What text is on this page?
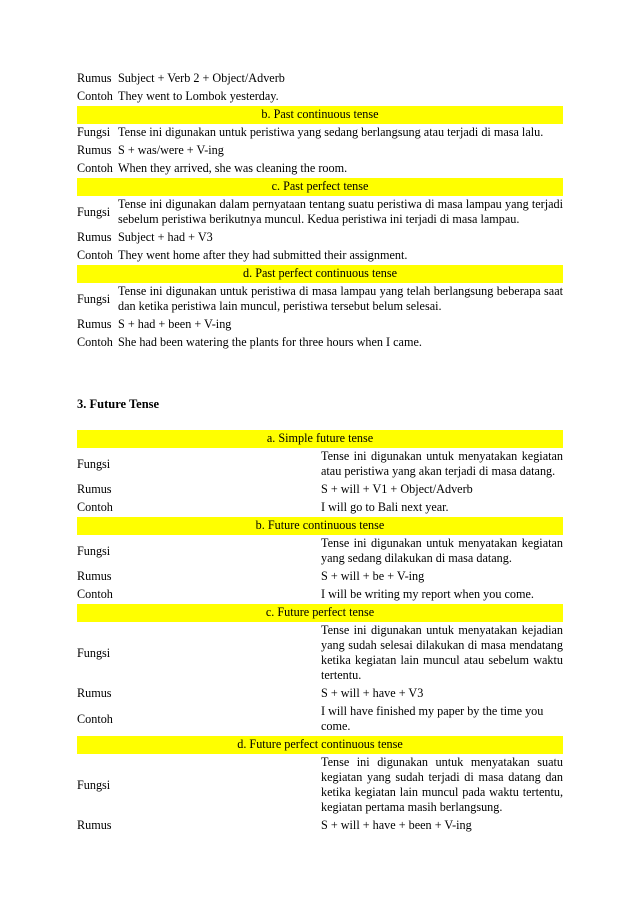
Rumus	Subject + Verb 2 + Object/Adverb
Contoh	They went to Lombok yesterday.
b. Past continuous tense	
Fungsi	Tense ini digunakan untuk peristiwa yang sedang berlangsung atau terjadi di masa lalu.
Rumus	S + was/were + V-ing
Contoh	When they arrived, she was cleaning the room.
c. Past perfect tense	
Fungsi	Tense ini digunakan dalam pernyataan tentang suatu peristiwa di masa lampau yang terjadi sebelum peristiwa berikutnya muncul. Kedua peristiwa ini terjadi di masa lampau.
Rumus	Subject + had + V3
Contoh	They went home after they had submitted their assignment.
d. Past perfect continuous tense	
Fungsi	Tense ini digunakan untuk peristiwa di masa lampau yang telah berlangsung beberapa saat dan ketika peristiwa lain muncul, peristiwa tersebut belum selesai.
Rumus	S + had + been + V-ing
Contoh	She had been watering the plants for three hours when I came.

3. Future Tense

a. Simple future tense	
Fungsi	Tense ini digunakan untuk menyatakan kegiatan atau peristiwa yang akan terjadi di masa datang.
Rumus	S + will + V1 + Object/Adverb
Contoh	I will go to Bali next year.
b. Future continuous tense	
Fungsi	Tense ini digunakan untuk menyatakan kegiatan yang sedang dilakukan di masa datang.
Rumus	S + will + be + V-ing
Contoh	I will be writing my report when you come.
c. Future perfect tense	
Fungsi	Tense ini digunakan untuk menyatakan kejadian yang sudah selesai dilakukan di masa mendatang ketika kegiatan lain muncul atau sebelum waktu tertentu.
Rumus	S + will + have + V3
Contoh	I will have finished my paper by the time you come.
d. Future perfect continuous tense	
Fungsi	Tense ini digunakan untuk menyatakan suatu kegiatan yang sudah terjadi di masa datang dan ketika kegiatan lain muncul pada waktu tertentu, kegiatan pertama masih berlangsung.
Rumus	S + will + have + been + V-ing
